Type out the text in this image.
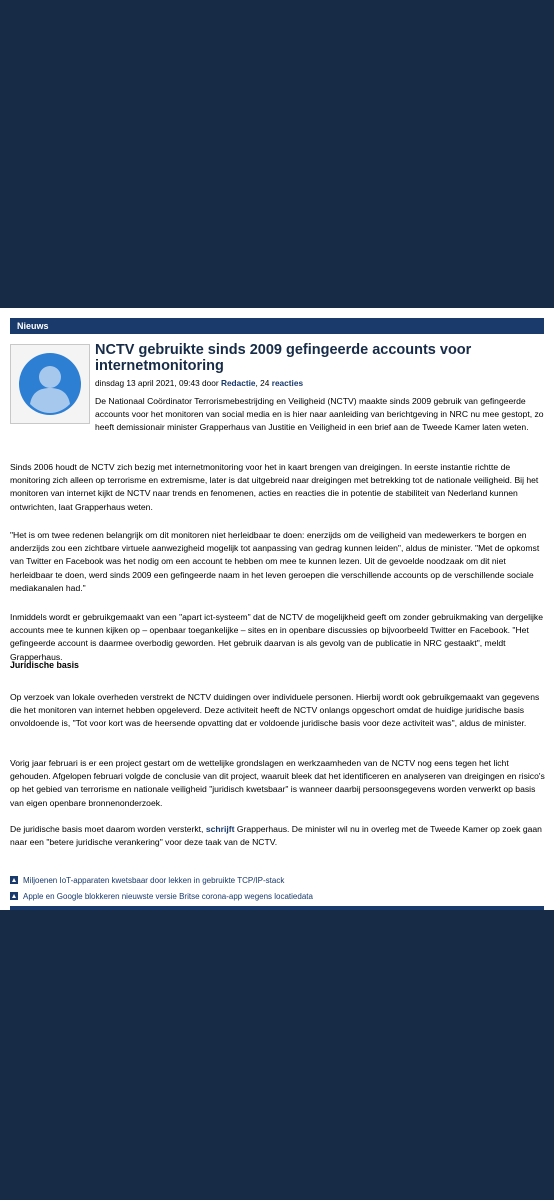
Nieuws
NCTV gebruikte sinds 2009 gefingeerde accounts voor internetmonitoring
dinsdag 13 april 2021, 09:43 door Redactie, 24 reacties

De Nationaal Coördinator Terrorismebestrijding en Veiligheid (NCTV) maakte sinds 2009 gebruik van gefingeerde accounts voor het monitoren van social media en is hier naar aanleiding van berichtgeving in NRC nu mee gestopt, zo heeft demissionair minister Grapperhaus van Justitie en Veiligheid in een brief aan de Tweede Kamer laten weten.

Sinds 2006 houdt de NCTV zich bezig met internetmonitoring voor het in kaart brengen van dreigingen. In eerste instantie richtte de monitoring zich alleen op terrorisme en extremisme, later is dat uitgebreid naar dreigingen met betrekking tot de nationale veiligheid. Bij het monitoren van internet kijkt de NCTV naar trends en fenomenen, acties en reacties die in potentie de stabiliteit van Nederland kunnen ontwrichten, laat Grapperhaus weten.

"Het is om twee redenen belangrijk om dit monitoren niet herleidbaar te doen: enerzijds om de veiligheid van medewerkers te borgen en anderzijds zou een zichtbare virtuele aanwezigheid mogelijk tot aanpassing van gedrag kunnen leiden", aldus de minister. "Met de opkomst van Twitter en Facebook was het nodig om een account te hebben om mee te kunnen lezen. Uit de gevoelde noodzaak om dit niet herleidbaar te doen, werd sinds 2009 een gefingeerde naam in het leven geroepen die verschillende accounts op de verschillende sociale mediakanalen had."

Inmiddels wordt er gebruikgemaakt van een "apart ict-systeem" dat de NCTV de mogelijkheid geeft om zonder gebruikmaking van dergelijke accounts mee te kunnen kijken op – openbaar toegankelijke – sites en in openbare discussies op bijvoorbeeld Twitter en Facebook. "Het gefingeerde account is daarmee overbodig geworden. Het gebruik daarvan is als gevolg van de publicatie in NRC gestaakt", meldt Grapperhaus.

Juridische basis

Op verzoek van lokale overheden verstrekt de NCTV duidingen over individuele personen. Hierbij wordt ook gebruikgemaakt van gegevens die het monitoren van internet hebben opgeleverd. Deze activiteit heeft de NCTV onlangs opgeschort omdat de huidige juridische basis onvoldoende is, "Tot voor kort was de heersende opvatting dat er voldoende juridische basis voor deze activiteit was", aldus de minister.

Vorig jaar februari is er een project gestart om de wettelijke grondslagen en werkzaamheden van de NCTV nog eens tegen het licht gehouden. Afgelopen februari volgde de conclusie van dit project, waaruit bleek dat het identificeren en analyseren van dreigingen en risico's op het gebied van terrorisme en nationale veiligheid "juridisch kwetsbaar" is wanneer daarbij persoonsgegevens worden verwerkt op basis van eigen openbare bronnenonderzoek.

De juridische basis moet daarom worden versterkt, schrijft Grapperhaus. De minister wil nu in overleg met de Tweede Kamer op zoek gaan naar een "betere juridische verankering" voor deze taak van de NCTV.

Miljoenen IoT-apparaten kwetsbaar door lekken in gebruikte TCP/IP-stack
Apple en Google blokkeren nieuwste versie Britse corona-app wegens locatiedata
